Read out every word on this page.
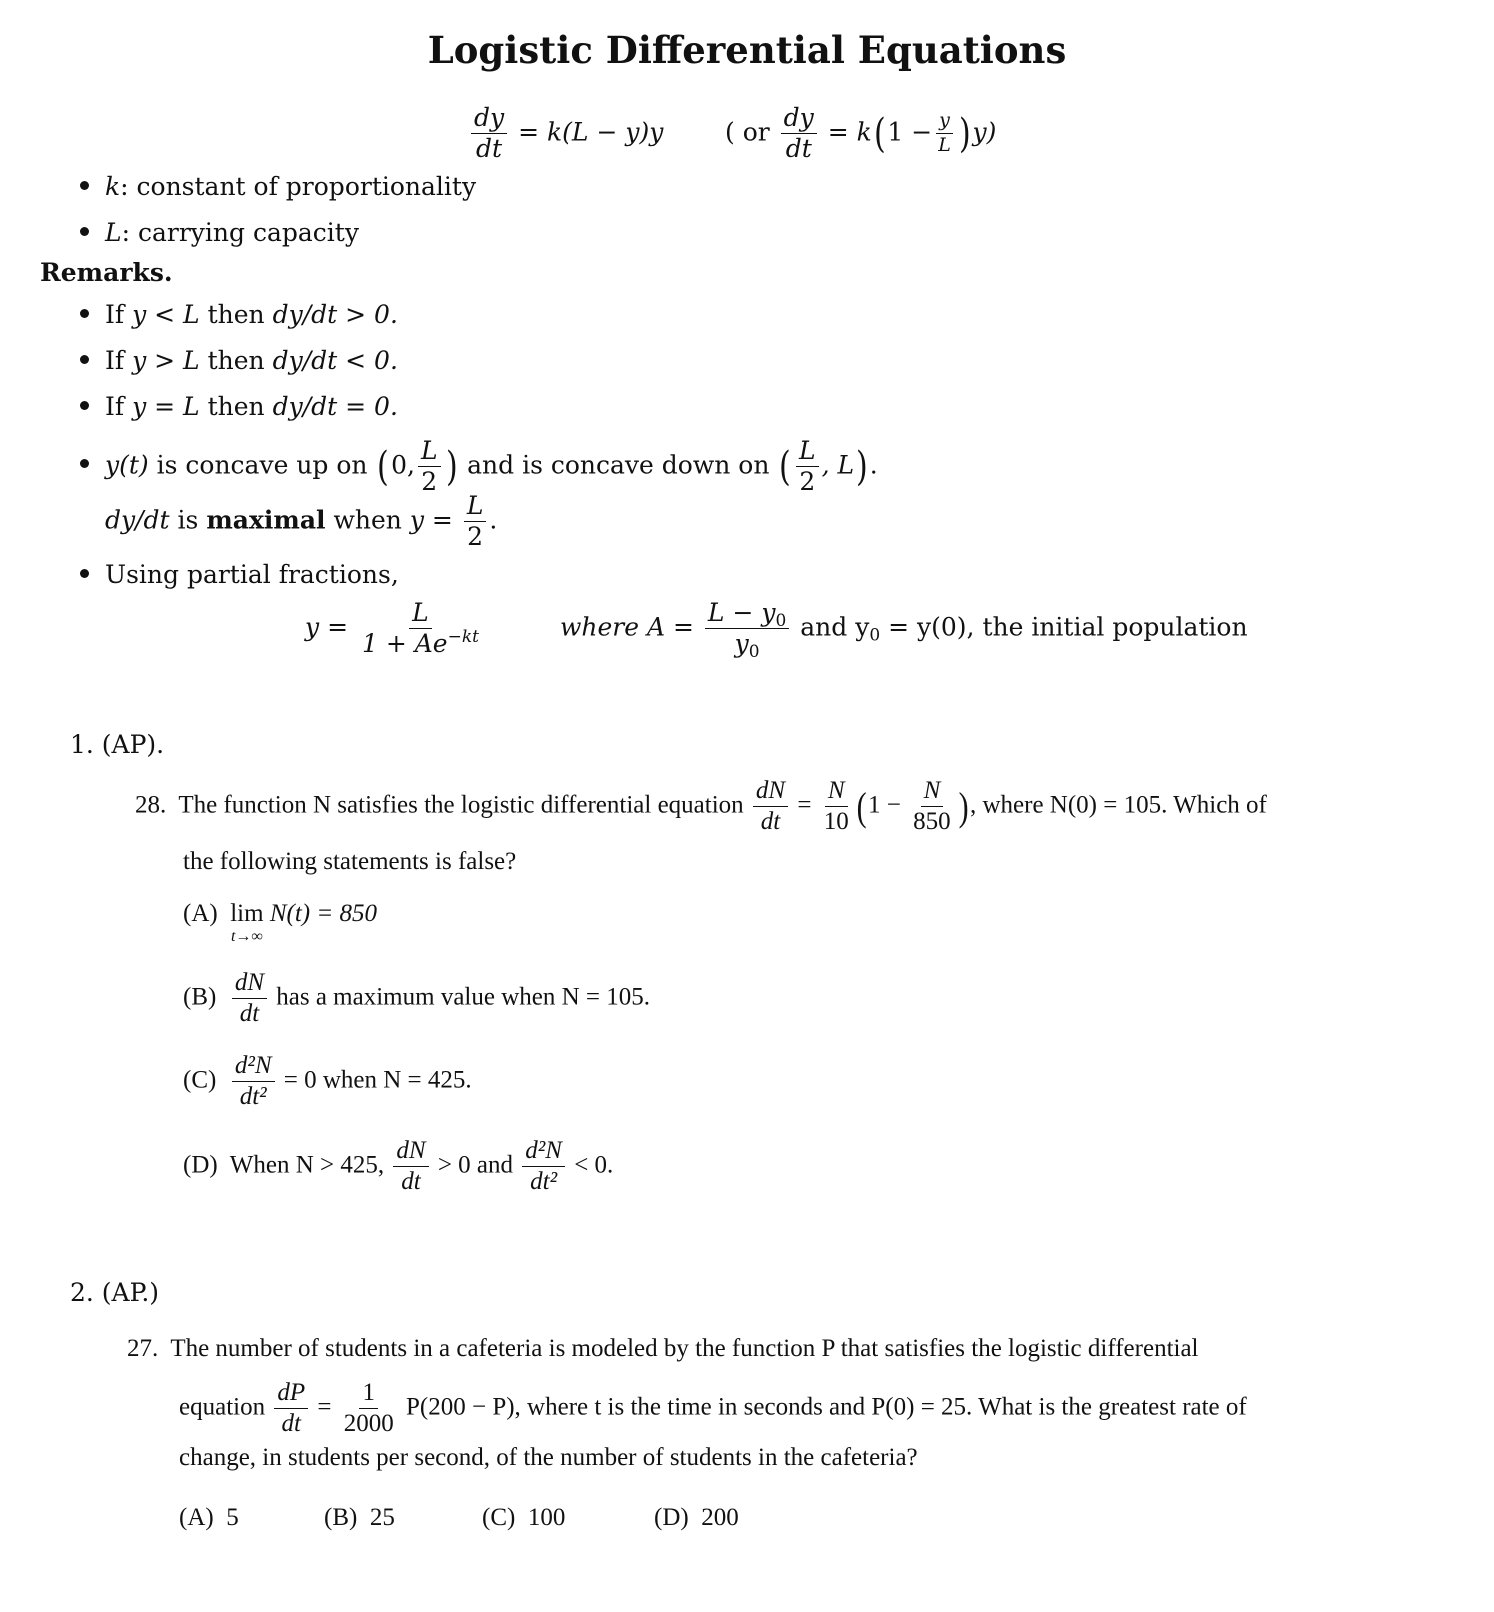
Logistic Differential Equations
$\frac{dy}{dt} = k(L - y)y$ ( or $\frac{dy}{dt} = k(1 - \frac{y}{L} )y$)
k: constant of proportionality
L: carrying capacity
Remarks.
If y < L then dy/dt > 0.
If y > L then dy/dt < 0.
If y = L then dy/dt = 0.
y(t) is concave up on (0, $\frac{L}{2}$ ) and is concave down on ( $\frac{L}{2}$ , L).
dy/dt is maximal when $y = \frac{L}{2}$ .
Using partial fractions,
$y = \frac{L}{1 + Ae^{-kt}}$	where $A = \frac{L - y_0}{y_0}$ and $y_0 = y(0)$, the initial population
1. (AP).
28. The function N satisfies the logistic differential equation $\frac{dN}{dt} = \frac{N}{10} (1 - \frac{N}{850}$ ), where N(0) = 105. Which of
the following statements is false?
(A) lim
t→∞
N(t) = 850
$(B) \frac{dN}{dt}$ has a maximum value when N = 105.
$(C) \frac{\text{d²N}}{\text{dt²}} = 0$ when N = 425.
(D) When N > 425, $\frac{dN}{dt} > 0$ and $\frac{\text{d²N}}{\text{dt²}} < 0$.
2. (AP.)
27. The number of students in a cafeteria is modeled by the function P that satisfies the logistic differential
equation $\frac{dP}{dt} = \frac{1}{2000} P(200 - P)$, where t is the time in seconds and P(0) = 25. What is the greatest rate of
change, in students per second, of the number of students in the cafeteria?
(A) 5	(B) 25	(C) 100	(D) 200
